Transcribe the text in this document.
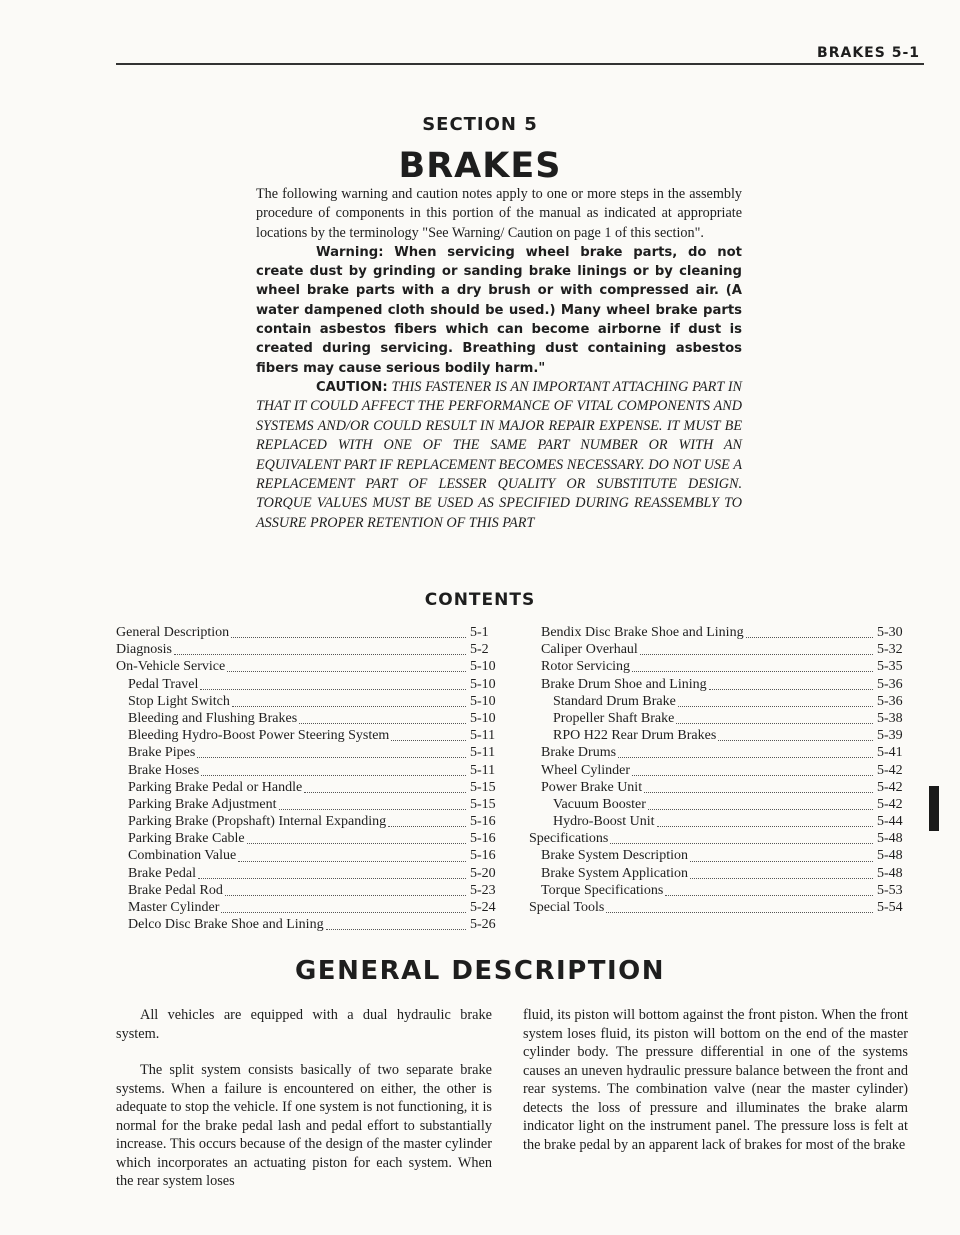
BRAKES 5-1
SECTION 5
BRAKES

The following warning and caution notes apply to one or more steps in the assembly procedure of components in this portion of the manual as indicated at appropriate locations by the terminology "See Warning/ Caution on page 1 of this section".

Warning: When servicing wheel brake parts, do not create dust by grinding or sanding brake linings or by cleaning wheel brake parts with a dry brush or with compressed air. (A water dampened cloth should be used.) Many wheel brake parts contain asbestos fibers which can become airborne if dust is created during servicing. Breathing dust containing asbestos fibers may cause serious bodily harm."

CAUTION: THIS FASTENER IS AN IMPORTANT ATTACHING PART IN THAT IT COULD AFFECT THE PERFORMANCE OF VITAL COMPONENTS AND SYSTEMS AND/OR COULD RESULT IN MAJOR REPAIR EXPENSE. IT MUST BE REPLACED WITH ONE OF THE SAME PART NUMBER OR WITH AN EQUIVALENT PART IF REPLACEMENT BECOMES NECESSARY. DO NOT USE A REPLACEMENT PART OF LESSER QUALITY OR SUBSTITUTE DESIGN. TORQUE VALUES MUST BE USED AS SPECIFIED DURING REASSEMBLY TO ASSURE PROPER RETENTION OF THIS PART

CONTENTS
General Description	5-1
Diagnosis	5-2
On-Vehicle Service	5-10
Pedal Travel	5-10
Stop Light Switch	5-10
Bleeding and Flushing Brakes	5-10
Bleeding Hydro-Boost Power Steering System	5-11
Brake Pipes	5-11
Brake Hoses	5-11
Parking Brake Pedal or Handle	5-15
Parking Brake Adjustment	5-15
Parking Brake (Propshaft) Internal Expanding	5-16
Parking Brake Cable	5-16
Combination Value	5-16
Brake Pedal	5-20
Brake Pedal Rod	5-23
Master Cylinder	5-24
Delco Disc Brake Shoe and Lining	5-26
Bendix Disc Brake Shoe and Lining	5-30
Caliper Overhaul	5-32
Rotor Servicing	5-35
Brake Drum Shoe and Lining	5-36
Standard Drum Brake	5-36
Propeller Shaft Brake	5-38
RPO H22 Rear Drum Brakes	5-39
Brake Drums	5-41
Wheel Cylinder	5-42
Power Brake Unit	5-42
Vacuum Booster	5-42
Hydro-Boost Unit	5-44
Specifications	5-48
Brake System Description	5-48
Brake System Application	5-48
Torque Specifications	5-53
Special Tools	5-54
GENERAL DESCRIPTION

All vehicles are equipped with a dual hydraulic brake system.

The split system consists basically of two separate brake systems. When a failure is encountered on either, the other is adequate to stop the vehicle. If one system is not functioning, it is normal for the brake pedal lash and pedal effort to substantially increase. This occurs because of the design of the master cylinder which incorporates an actuating piston for each system. When the rear system loses

fluid, its piston will bottom against the front piston. When the front system loses fluid, its piston will bottom on the end of the master cylinder body. The pressure differential in one of the systems causes an uneven hydraulic pressure balance between the front and rear systems. The combination valve (near the master cylinder) detects the loss of pressure and illuminates the brake alarm indicator light on the instrument panel. The pressure loss is felt at the brake pedal by an apparent lack of brakes for most of the brake
